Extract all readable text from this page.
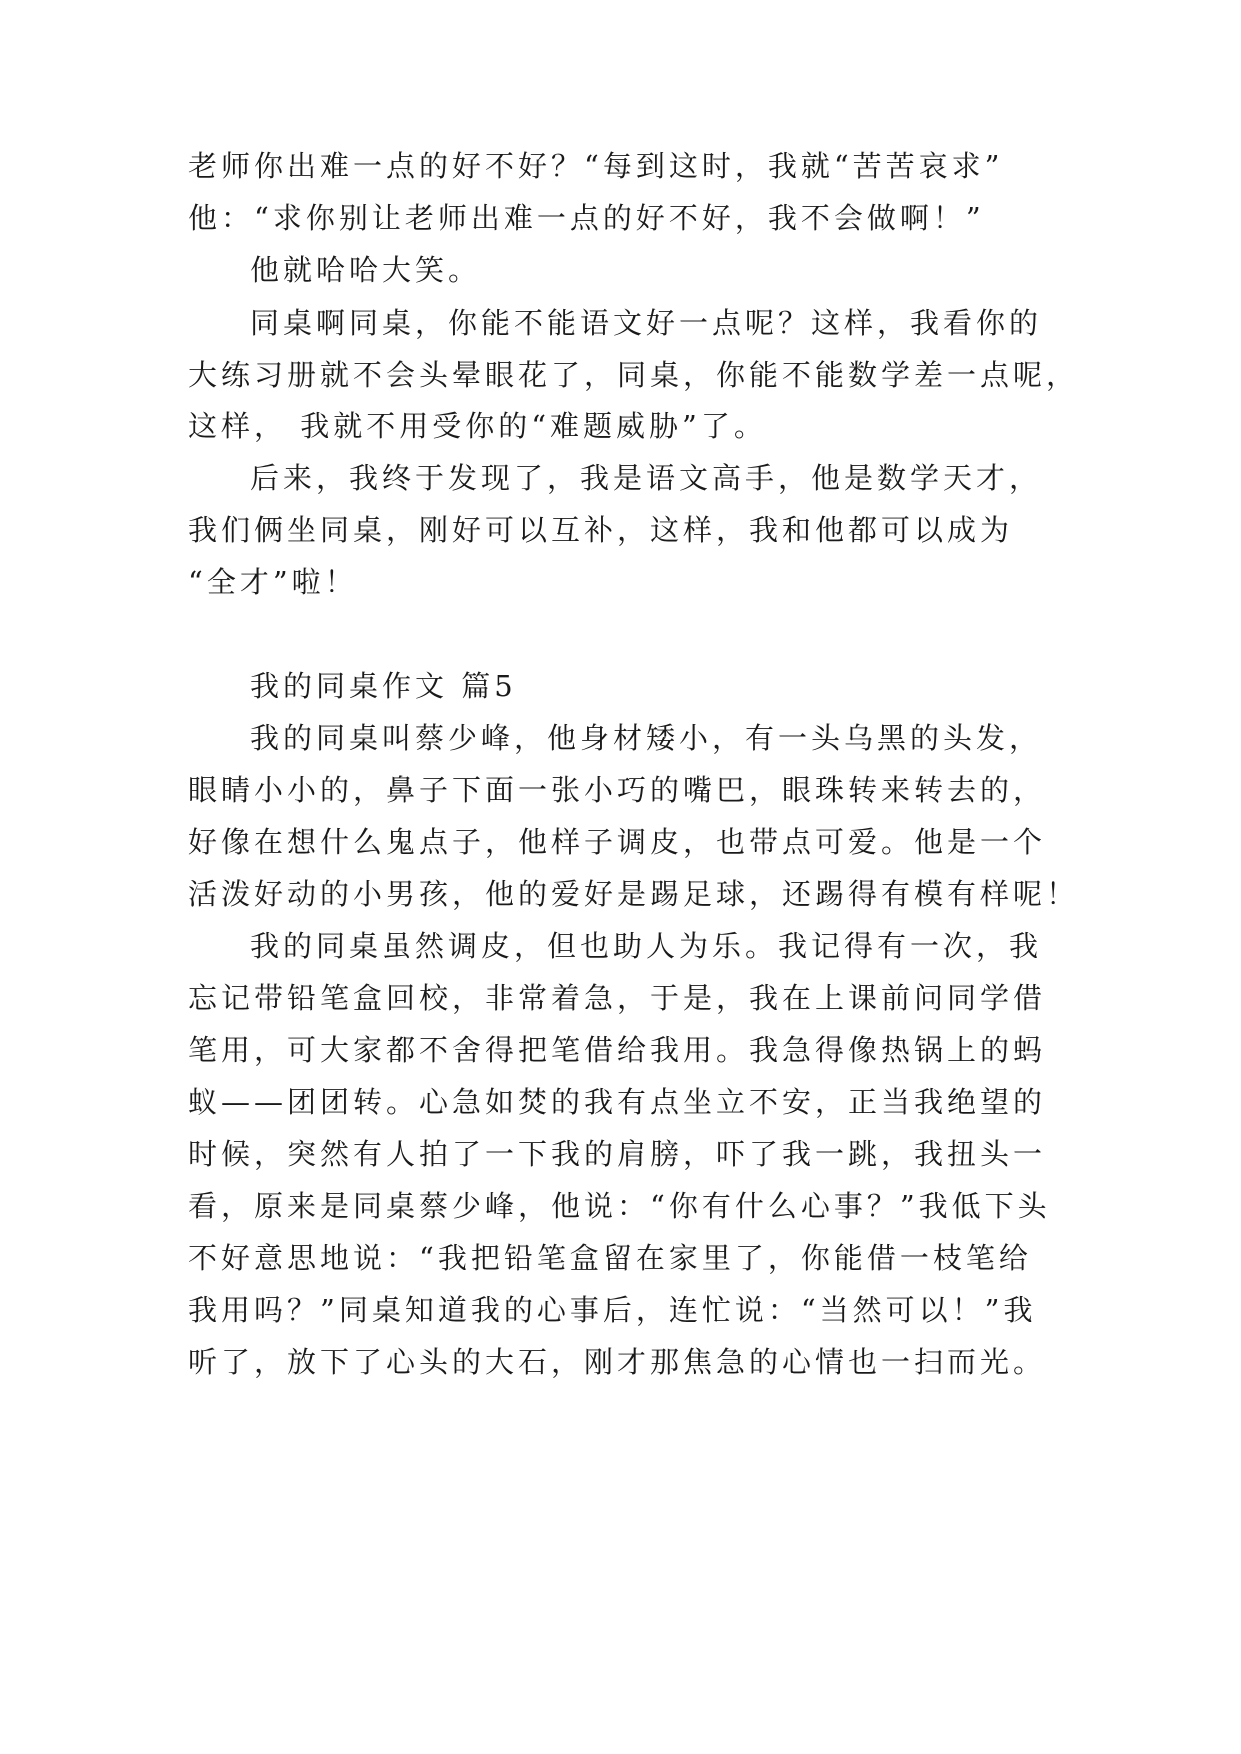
老师你出难一点的好不好？“每到这时，我就“苦苦哀求”
他：“求你别让老师出难一点的好不好，我不会做啊！”
他就哈哈大笑。
同桌啊同桌，你能不能语文好一点呢？这样，我看你的
大练习册就不会头晕眼花了，同桌，你能不能数学差一点呢，
这样， 我就不用受你的“难题威胁”了。
后来，我终于发现了，我是语文高手，他是数学天才，
我们俩坐同桌，刚好可以互补，这样，我和他都可以成为
“全才”啦！
我的同桌作文 篇5
我的同桌叫蔡少峰，他身材矮小，有一头乌黑的头发，
眼睛小小的，鼻子下面一张小巧的嘴巴，眼珠转来转去的，
好像在想什么鬼点子，他样子调皮，也带点可爱。他是一个
活泼好动的小男孩，他的爱好是踢足球，还踢得有模有样呢！
我的同桌虽然调皮，但也助人为乐。我记得有一次，我
忘记带铅笔盒回校，非常着急，于是，我在上课前问同学借
笔用，可大家都不舍得把笔借给我用。我急得像热锅上的蚂
蚁——团团转。心急如焚的我有点坐立不安，正当我绝望的
时候，突然有人拍了一下我的肩膀，吓了我一跳，我扭头一
看，原来是同桌蔡少峰，他说：“你有什么心事？”我低下头
不好意思地说：“我把铅笔盒留在家里了，你能借一枝笔给
我用吗？”同桌知道我的心事后，连忙说：“当然可以！”我
听了，放下了心头的大石，刚才那焦急的心情也一扫而光。
